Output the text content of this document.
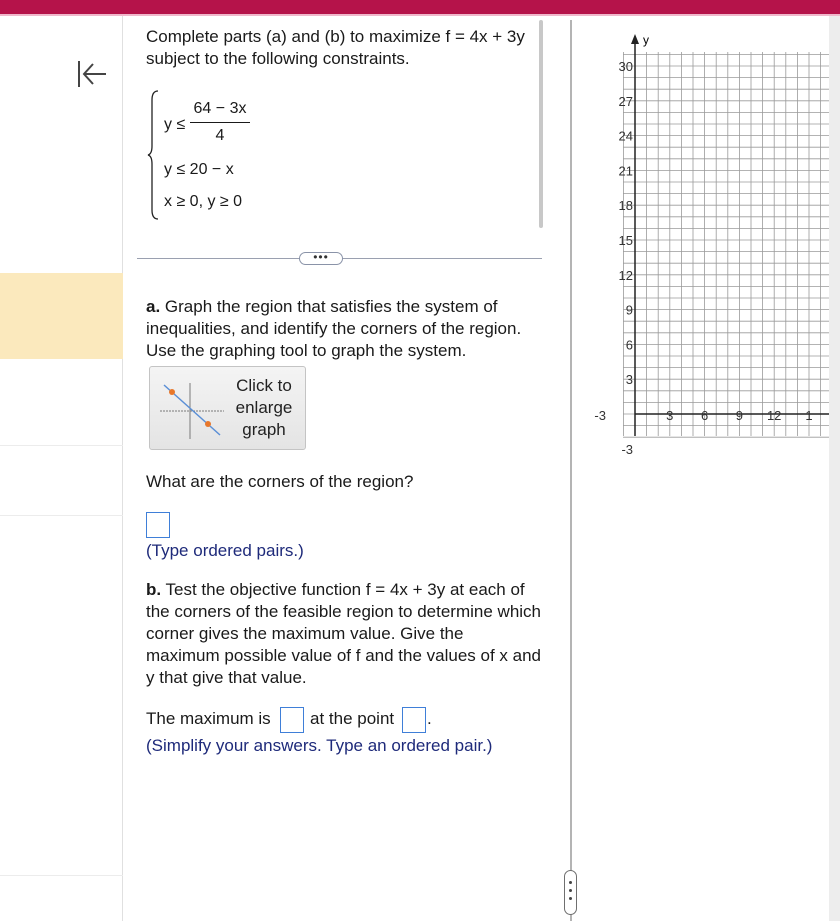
Complete parts (a) and (b) to maximize f = 4x + 3y subject to the following constraints.
y ≤
64 − 3x
4
y ≤ 20 − x
x ≥ 0, y ≥ 0
•••
a. Graph the region that satisfies the system of inequalities, and identify the corners of the region. Use the graphing tool to graph the system.
Click to enlarge graph
What are the corners of the region?
(Type ordered pairs.)
b. Test the objective function f = 4x + 3y at each of the corners of the feasible region to determine which corner gives the maximum value. Give the maximum possible value of f and the values of x and y that give that value.
The maximum is at the point .
(Simplify your answers. Type an ordered pair.)
y
30
27
24
21
18
15
12
9
6
3
-3
-3	3 6 9 12 1
